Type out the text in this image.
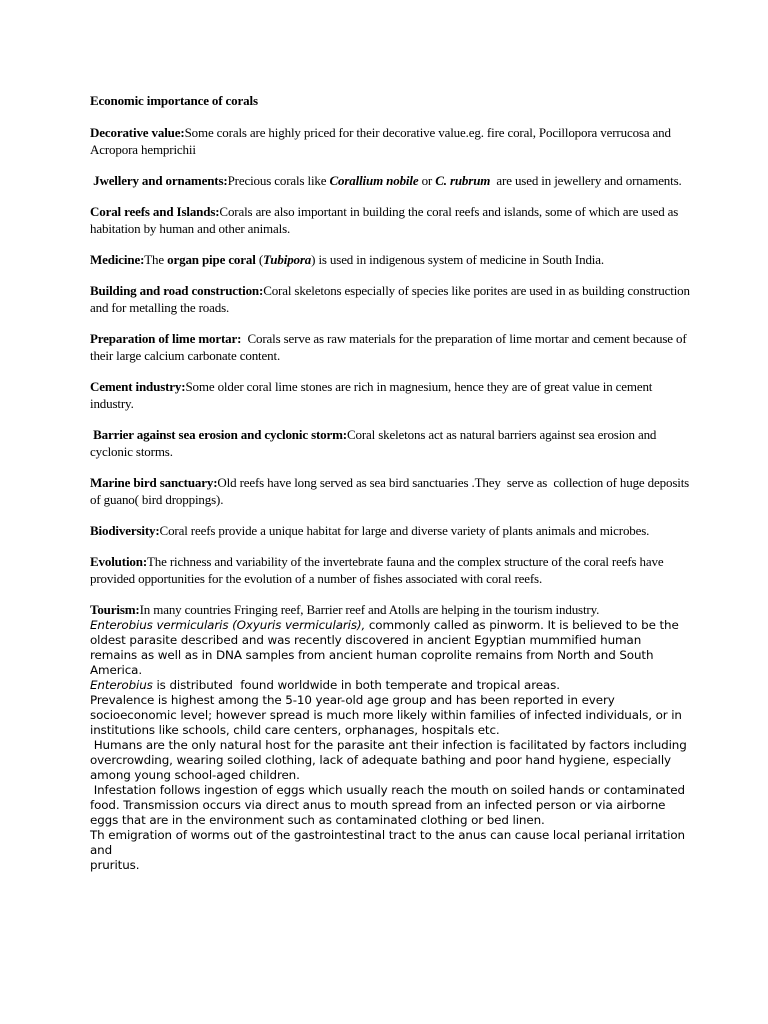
Economic importance of corals

Decorative value:Some corals are highly priced for their decorative value.eg. fire coral, Pocillopora verrucosa and Acropora hemprichii

Jwellery and ornaments:Precious corals like Corallium nobile or C. rubrum  are used in jewellery and ornaments.

Coral reefs and Islands:Corals are also important in building the coral reefs and islands, some of which are used as habitation by human and other animals.

Medicine:The organ pipe coral (Tubipora) is used in indigenous system of medicine in South India.

Building and road construction:Coral skeletons especially of species like porites are used in as building construction and for metalling the roads.

Preparation of lime mortar:  Corals serve as raw materials for the preparation of lime mortar and cement because of their large calcium carbonate content.

Cement industry:Some older coral lime stones are rich in magnesium, hence they are of great value in cement industry.

Barrier against sea erosion and cyclonic storm:Coral skeletons act as natural barriers against sea erosion and cyclonic storms.

Marine bird sanctuary:Old reefs have long served as sea bird sanctuaries .They  serve as  collection of huge deposits of guano( bird droppings).

Biodiversity:Coral reefs provide a unique habitat for large and diverse variety of plants animals and microbes.

Evolution:The richness and variability of the invertebrate fauna and the complex structure of the coral reefs have provided opportunities for the evolution of a number of fishes associated with coral reefs.

Tourism:In many countries Fringing reef, Barrier reef and Atolls are helping in the tourism industry.

Enterobius vermicularis (Oxyuris vermicularis), commonly called as pinworm. It is believed to be the oldest parasite described and was recently discovered in ancient Egyptian mummified human remains as well as in DNA samples from ancient human coprolite remains from North and South America.

Enterobius is distributed  found worldwide in both temperate and tropical areas.

Prevalence is highest among the 5-10 year-old age group and has been reported in every socioeconomic level; however spread is much more likely within families of infected individuals, or in institutions like schools, child care centers, orphanages, hospitals etc.

Humans are the only natural host for the parasite ant their infection is facilitated by factors including overcrowding, wearing soiled clothing, lack of adequate bathing and poor hand hygiene, especially among young school-aged children.

Infestation follows ingestion of eggs which usually reach the mouth on soiled hands or contaminated food. Transmission occurs via direct anus to mouth spread from an infected person or via airborne eggs that are in the environment such as contaminated clothing or bed linen.

Th emigration of worms out of the gastrointestinal tract to the anus can cause local perianal irritation and

pruritus.
